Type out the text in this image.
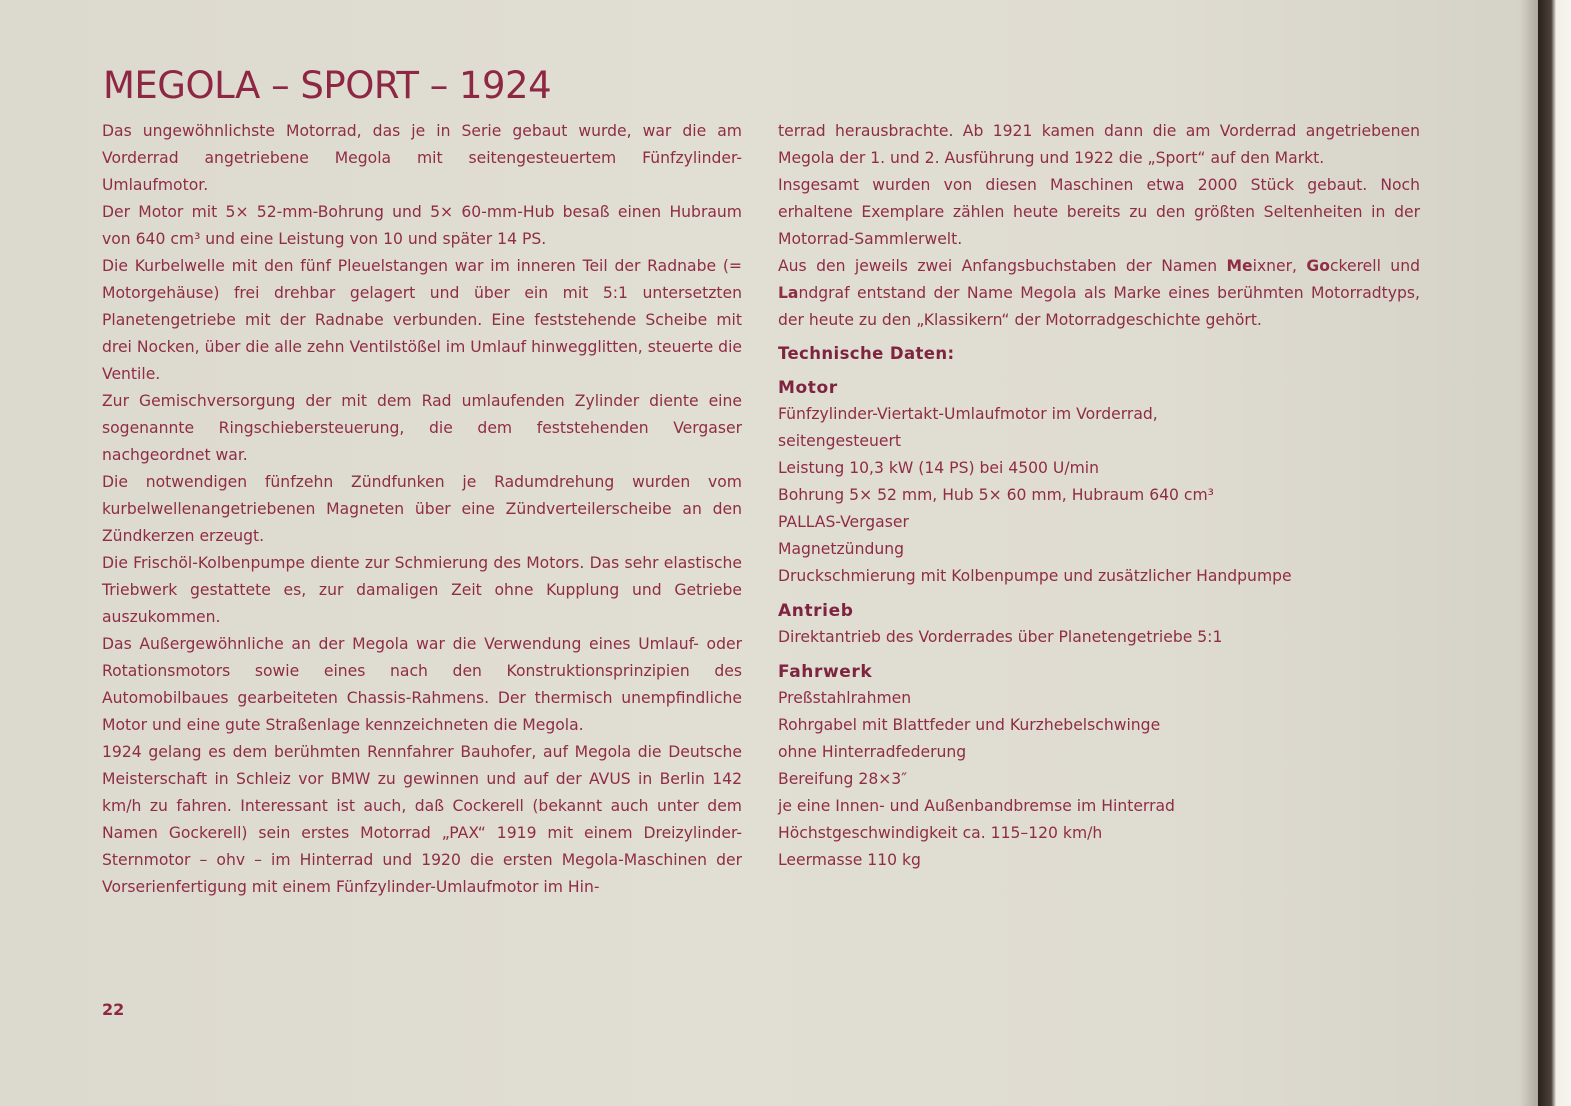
MEGOLA – SPORT – 1924

Das ungewöhnlichste Motorrad, das je in Serie gebaut wurde, war die am Vorderrad angetriebene Megola mit seitengesteuertem Fünfzylinder-Umlaufmotor.

Der Motor mit 5× 52-mm-Bohrung und 5× 60-mm-Hub besaß einen Hubraum von 640 cm³ und eine Leistung von 10 und später 14 PS.

Die Kurbelwelle mit den fünf Pleuelstangen war im inneren Teil der Radnabe (= Motorgehäuse) frei drehbar gelagert und über ein mit 5:1 untersetzten Planetengetriebe mit der Radnabe verbunden. Eine feststehende Scheibe mit drei Nocken, über die alle zehn Ventilstößel im Umlauf hinwegglitten, steuerte die Ventile.

Zur Gemischversorgung der mit dem Rad umlaufenden Zylinder diente eine sogenannte Ringschiebersteuerung, die dem feststehenden Vergaser nachgeordnet war.

Die notwendigen fünfzehn Zündfunken je Radumdrehung wurden vom kurbelwellenangetriebenen Magneten über eine Zündverteilerscheibe an den Zündkerzen erzeugt.

Die Frischöl-Kolbenpumpe diente zur Schmierung des Motors. Das sehr elastische Triebwerk gestattete es, zur damaligen Zeit ohne Kupplung und Getriebe auszukommen.

Das Außergewöhnliche an der Megola war die Verwendung eines Umlauf- oder Rotationsmotors sowie eines nach den Konstruktionsprinzipien des Automobilbaues gearbeiteten Chassis-Rahmens. Der thermisch unempfindliche Motor und eine gute Straßenlage kennzeichneten die Megola.

1924 gelang es dem berühmten Rennfahrer Bauhofer, auf Megola die Deutsche Meisterschaft in Schleiz vor BMW zu gewinnen und auf der AVUS in Berlin 142 km/h zu fahren. Interessant ist auch, daß Cockerell (bekannt auch unter dem Namen Gockerell) sein erstes Motorrad „PAX“ 1919 mit einem Dreizylinder-Sternmotor – ohv – im Hinterrad und 1920 die ersten Megola-Maschinen der Vorserienfertigung mit einem Fünfzylinder-Umlaufmotor im Hin-

terrad herausbrachte. Ab 1921 kamen dann die am Vorderrad angetriebenen Megola der 1. und 2. Ausführung und 1922 die „Sport“ auf den Markt.

Insgesamt wurden von diesen Maschinen etwa 2000 Stück gebaut. Noch erhaltene Exemplare zählen heute bereits zu den größten Seltenheiten in der Motorrad-Sammlerwelt.

Aus den jeweils zwei Anfangsbuchstaben der Namen Meixner, Gockerell und Landgraf entstand der Name Megola als Marke eines berühmten Motorradtyps, der heute zu den „Klassikern“ der Motorradgeschichte gehört.

Technische Daten:
Motor
Fünfzylinder-Viertakt-Umlaufmotor im Vorderrad,
seitengesteuert
Leistung 10,3 kW (14 PS) bei 4500 U/min
Bohrung 5× 52 mm, Hub 5× 60 mm, Hubraum 640 cm³
PALLAS-Vergaser
Magnetzündung
Druckschmierung mit Kolbenpumpe und zusätzlicher Handpumpe
Antrieb
Direktantrieb des Vorderrades über Planetengetriebe 5:1
Fahrwerk
Preßstahlrahmen
Rohrgabel mit Blattfeder und Kurzhebelschwinge
ohne Hinterradfederung
Bereifung 28×3″
je eine Innen- und Außenbandbremse im Hinterrad
Höchstgeschwindigkeit ca. 115–120 km/h
Leermasse 110 kg
22
